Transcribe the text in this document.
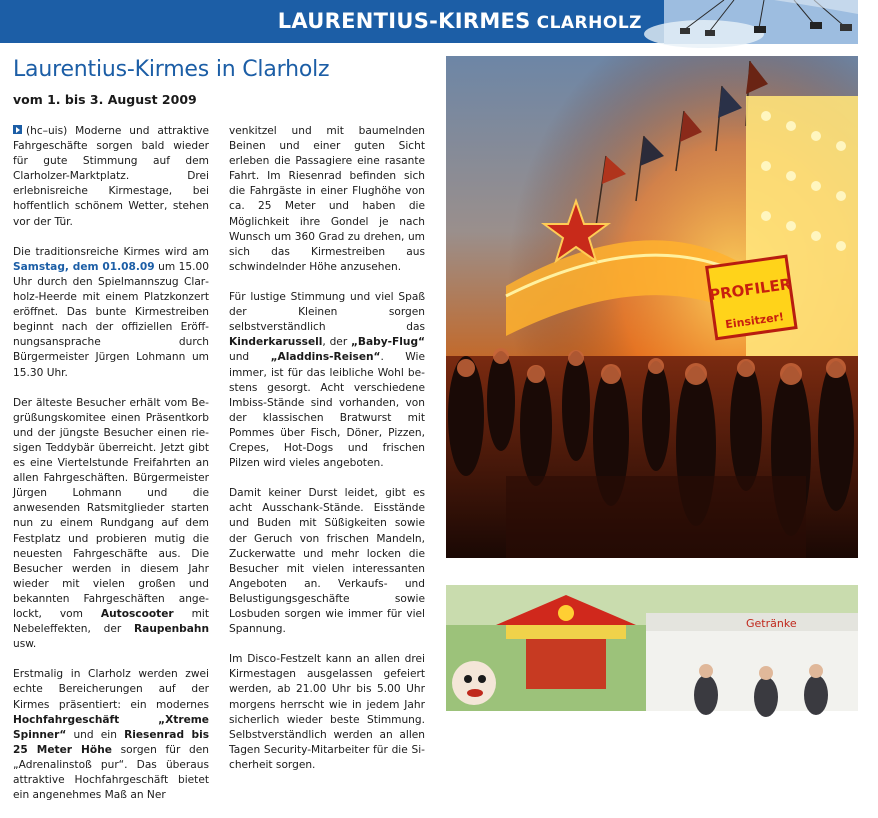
LAURENTIUS-KIRMES CLARHOLZ
Laurentius-Kirmes in Clarholz
vom 1. bis 3. August 2009

(hc–uis) Moderne und attraktive Fahrgeschäfte sorgen bald wieder für gute Stimmung auf dem Clarholzer-Marktplatz. Drei erlebnisreiche Kirmestage, bei hoffentlich schönem Wetter, stehen vor der Tür.

Die traditionsreiche Kirmes wird am Samstag, dem 01.08.09 um 15.00 Uhr durch den Spielmannszug Clarholz-Heerde mit einem Platzkonzert eröffnet. Das bunte Kirmestreiben beginnt nach der offiziellen Eröffnungsansprache durch Bürgermeister Jürgen Lohmann um 15.30 Uhr.

Der älteste Besucher erhält vom Begrüßungskomitee einen Präsentkorb und der jüngste Besucher einen riesigen Teddybär überreicht. Jetzt gibt es eine Viertelstunde Freifahrten an allen Fahrgeschäften. Bürgermeister Jürgen Lohmann und die anwesenden Ratsmitglieder starten nun zu einem Rundgang auf dem Festplatz und probieren mutig die neuesten Fahrgeschäfte aus. Die Besucher werden in diesem Jahr wieder mit vielen großen und bekannten Fahrgeschäften angelockt, vom Autoscooter mit Nebeleffekten, der Raupenbahn usw.

Erstmalig in Clarholz werden zwei echte Bereicherungen auf der Kirmes präsentiert: ein modernes Hochfahrgeschäft „Xtreme Spinner“ und ein Riesenrad bis 25 Meter Höhe sorgen für den „Adrenalinstoß pur“. Das überaus attraktive Hochfahrgeschäft bietet ein angenehmes Maß an Ner

venkitzel und mit baumelnden Beinen und einer guten Sicht erleben die Passagiere eine rasante Fahrt. Im Riesenrad befinden sich die Fahrgäste in einer Flughöhe von ca. 25 Meter und haben die Möglichkeit ihre Gondel je nach Wunsch um 360 Grad zu drehen, um sich das Kirmestreiben aus schwindelnder Höhe anzusehen.

Für lustige Stimmung und viel Spaß der Kleinen sorgen selbstverständlich das Kinderkarussell, der „Baby-Flug“ und „Aladdins-Reisen“. Wie immer, ist für das leibliche Wohl bestens gesorgt. Acht verschiedene Imbiss-Stände sind vorhanden, von der klassischen Bratwurst mit Pommes über Fisch, Döner, Pizzen, Crepes, Hot-Dogs und frischen Pilzen wird vieles angeboten.

Damit keiner Durst leidet, gibt es acht Ausschank-Stände. Eisstände und Buden mit Süßigkeiten sowie der Geruch von frischen Mandeln, Zuckerwatte und mehr locken die Besucher mit vielen interessanten Angeboten an. Verkaufs- und Belustigungsgeschäfte sowie Losbuden sorgen wie immer für viel Spannung.

Im Disco-Festzelt kann an allen drei Kirmestagen ausgelassen gefeiert werden, ab 21.00 Uhr bis 5.00 Uhr morgens herrscht wie in jedem Jahr sicherlich wieder beste Stimmung. Selbstverständlich werden an allen Tagen Security-Mitarbeiter für die Sicherheit sorgen.

PROFILER
Einsitzer!
Getränke
